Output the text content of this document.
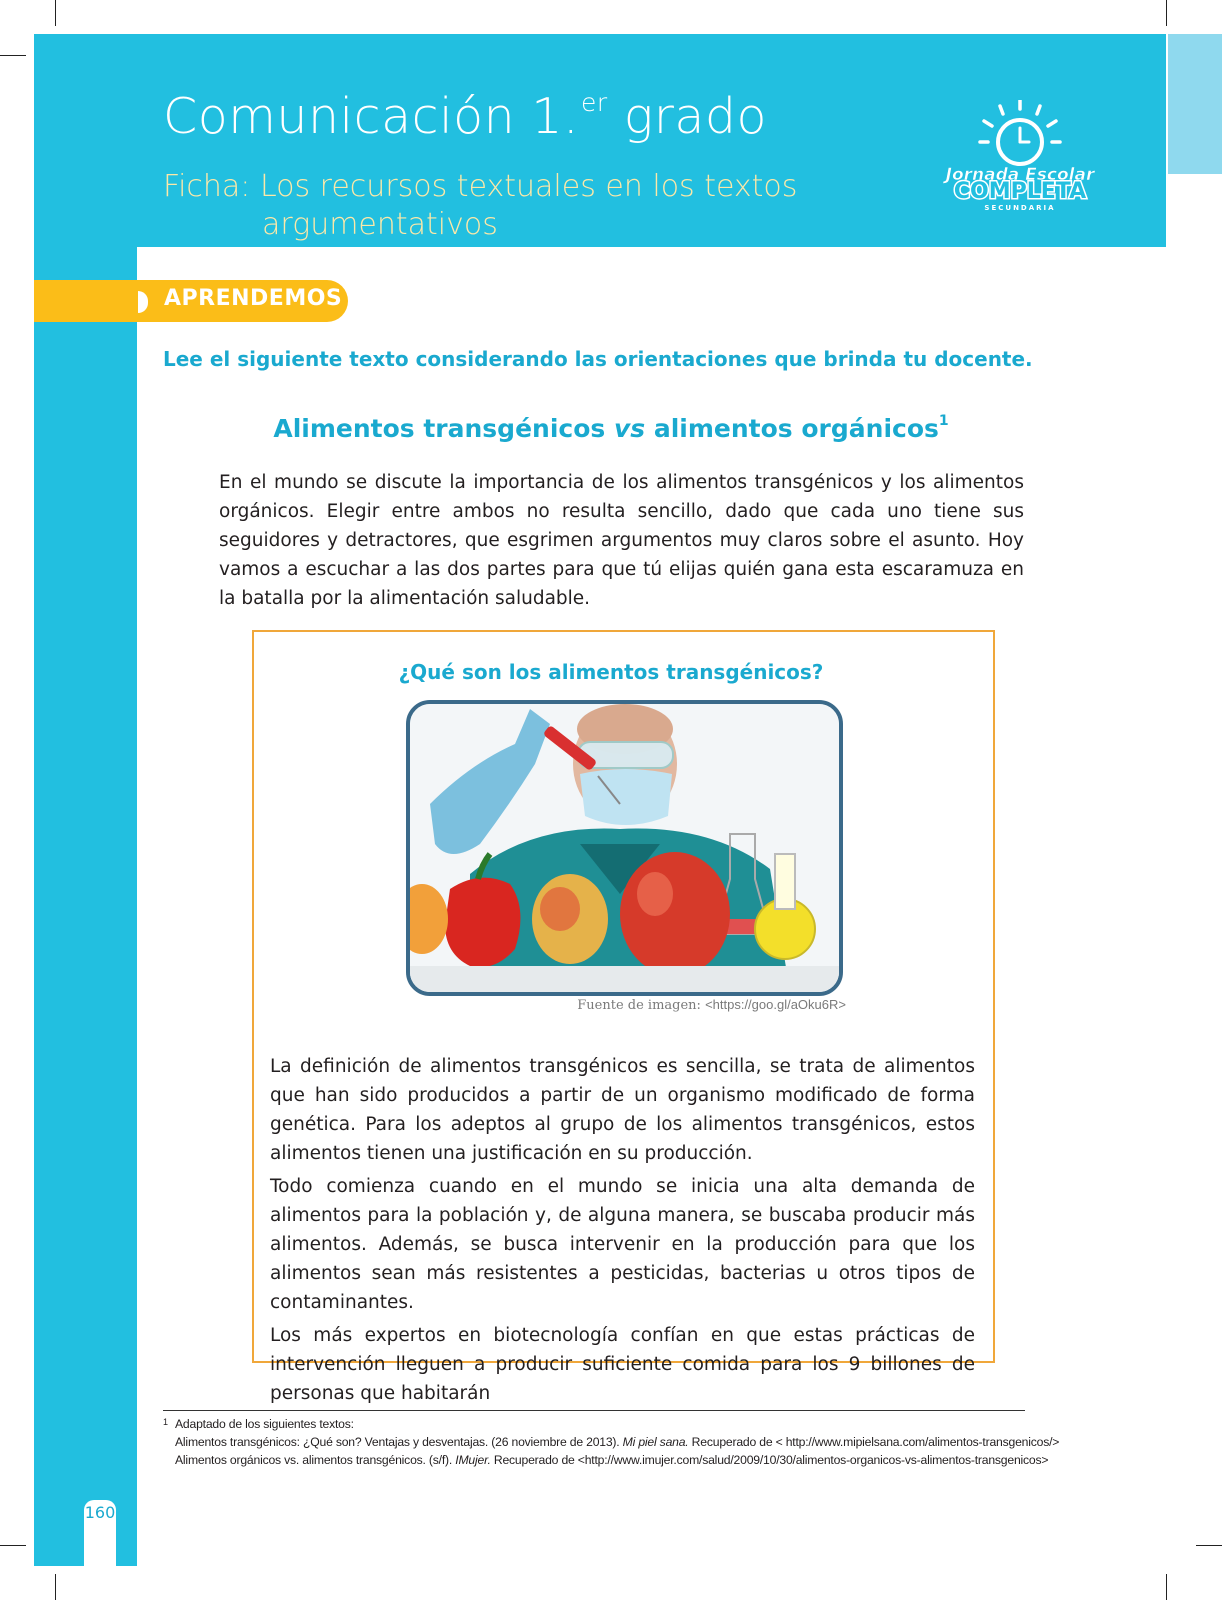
Comunicación 1.$^{er}$ grado
Ficha: Los recursos textuales en los textos
argumentativos
Jornada Escolar
COMPLETA
SECUNDARIA
APRENDEMOS
Lee el siguiente texto considerando las orientaciones que brinda tu docente.
Alimentos transgénicos vs alimentos orgánicos$^1$
En el mundo se discute la importancia de los alimentos transgénicos y los alimentos orgánicos. Elegir entre ambos no resulta sencillo, dado que cada uno tiene sus seguidores y detractores, que esgrimen argumentos muy claros sobre el asunto. Hoy vamos a escuchar a las dos partes para que tú elijas quién gana esta escaramuza en la batalla por la alimentación saludable.
¿Qué son los alimentos transgénicos?
Fuente de imagen: <https://goo.gl/aOku6R>

La definición de alimentos transgénicos es sencilla, se trata de alimentos que han sido producidos a partir de un organismo modificado de forma genética. Para los adeptos al grupo de los alimentos transgénicos, estos alimentos tienen una justificación en su producción.

Todo comienza cuando en el mundo se inicia una alta demanda de alimentos para la población y, de alguna manera, se buscaba producir más alimentos. Además, se busca intervenir en la producción para que los alimentos sean más resistentes a pesticidas, bacterias u otros tipos de contaminantes.

Los más expertos en biotecnología confían en que estas prácticas de intervención lleguen a producir suficiente comida para los 9 billones de personas que habitarán

1 Adaptado de los siguientes textos:
Alimentos transgénicos: ¿Qué son? Ventajas y desventajas. (26 noviembre de 2013). Mi piel sana. Recuperado de < http://www.mipielsana.com/alimentos-transgenicos/>
Alimentos orgánicos vs. alimentos transgénicos. (s/f). IMujer. Recuperado de <http://www.imujer.com/salud/2009/10/30/alimentos-organicos-vs-alimentos-transgenicos>
160
